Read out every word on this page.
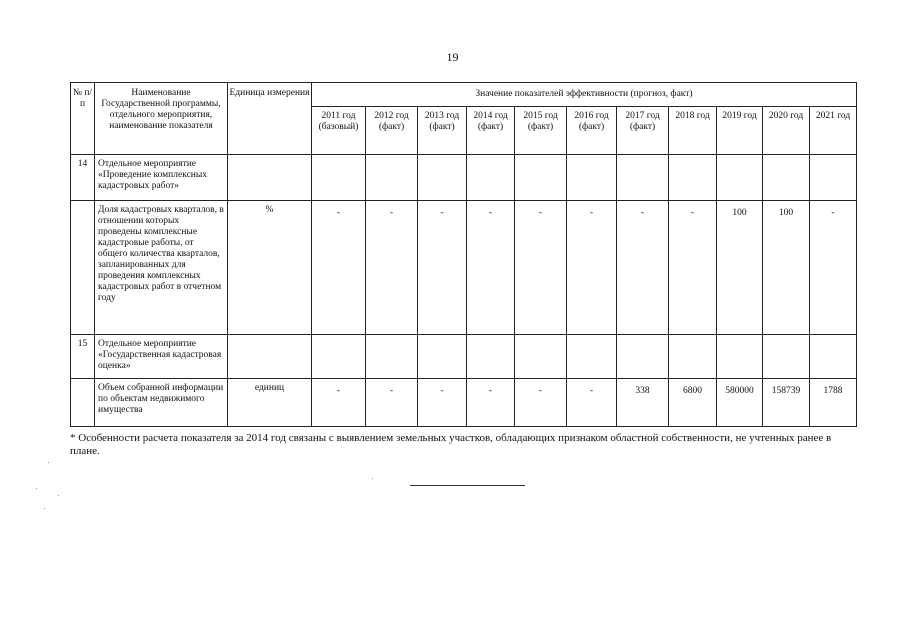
19
№ п/п	Наименование Государственной программы, отдельного мероприятия, наименование показателя	Единица измерения	Значение показателей эффективности (прогноз, факт)										
			2011 год (базовый)	2012 год (факт)	2013 год (факт)	2014 год (факт)	2015 год (факт)	2016 год (факт)	2017 год (факт)	2018 год	2019 год	2020 год	2021 год
14	Отдельное мероприятие «Проведение комплексных кадастровых работ»												
	Доля кадастровых кварталов, в отношении которых проведены комплексные кадастровые работы, от общего количества кварталов, запланированных для проведения комплексных кадастровых работ в отчетном году	%	-	-	-	-	-	-	-	-	100	100	-
15	Отдельное мероприятие «Государственная кадастровая оценка»												
	Объем собранной информации по объектам недвижимого имущества	единиц	-	-	-	-	-	-	338	6800	580000	158739	1788
* Особенности расчета показателя за 2014 год связаны с выявлением земельных участков, обладающих признаком областной собственности, не учтенных ранее в плане.
